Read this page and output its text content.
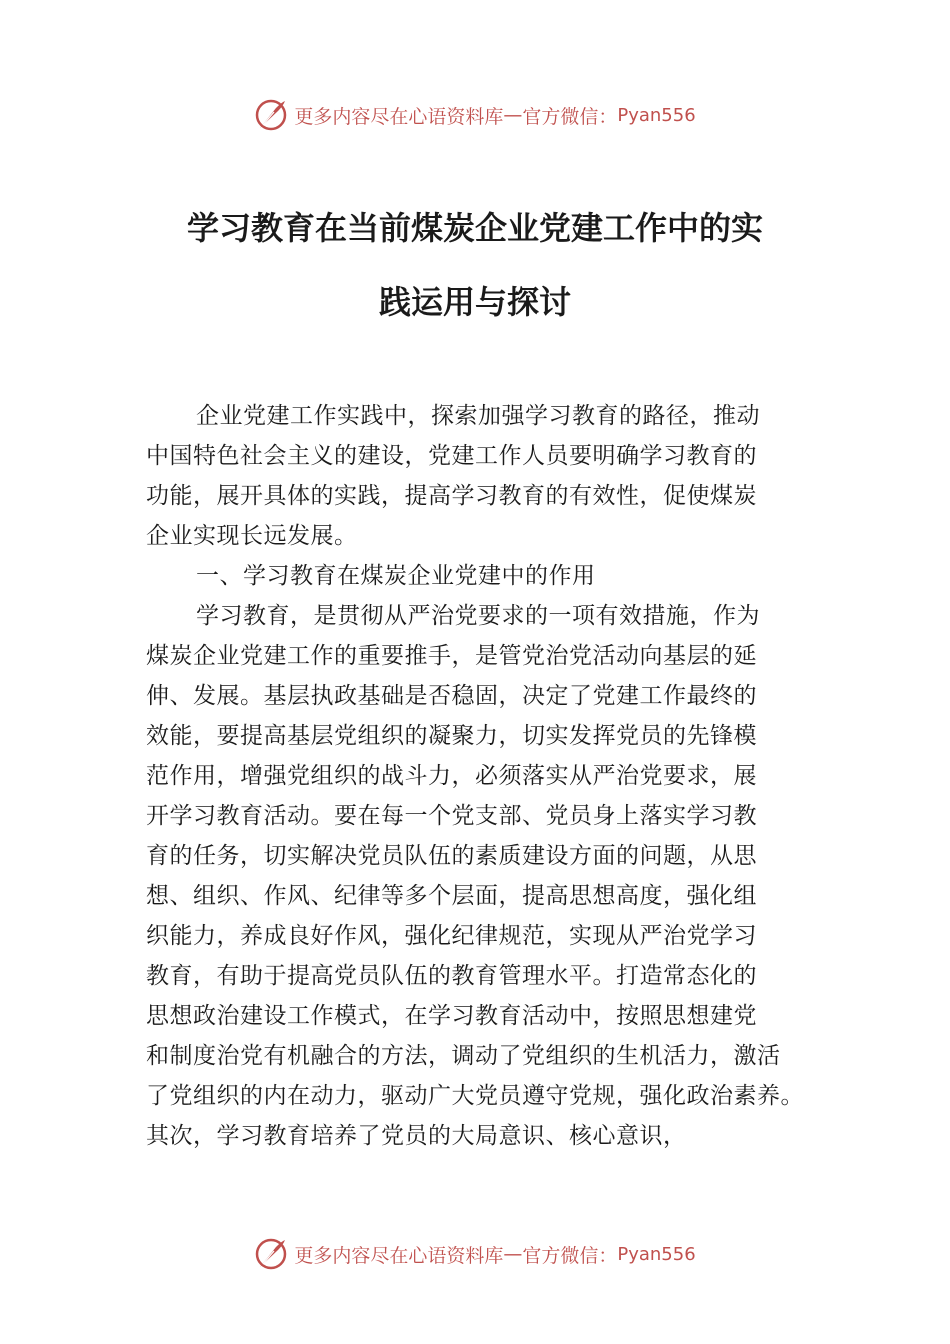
更多内容尽在心语资料库 — 官方微信： Pyan556
学习教育在当前煤炭企业党建工作中的实
践运用与探讨
企业党建工作实践中，探索加强学习教育的路径，推动
中国特色社会主义的建设，党建工作人员要明确学习教育的
功能，展开具体的实践，提高学习教育的有效性，促使煤炭
企业实现长远发展。
一、学习教育在煤炭企业党建中的作用
学习教育，是贯彻从严治党要求的一项有效措施，作为
煤炭企业党建工作的重要推手，是管党治党活动向基层的延
伸、发展。基层执政基础是否稳固，决定了党建工作最终的
效能，要提高基层党组织的凝聚力，切实发挥党员的先锋模
范作用，增强党组织的战斗力，必须落实从严治党要求，展
开学习教育活动。要在每一个党支部、党员身上落实学习教
育的任务，切实解决党员队伍的素质建设方面的问题，从思
想、组织、作风、纪律等多个层面，提高思想高度，强化组
织能力，养成良好作风，强化纪律规范，实现从严治党学习
教育，有助于提高党员队伍的教育管理水平。打造常态化的
思想政治建设工作模式，在学习教育活动中，按照思想建党
和制度治党有机融合的方法，调动了党组织的生机活力，激活
了党组织的内在动力，驱动广大党员遵守党规，强化政治素养。
其次，学习教育培养了党员的大局意识、核心意识，
更多内容尽在心语资料库 — 官方微信： Pyan556
